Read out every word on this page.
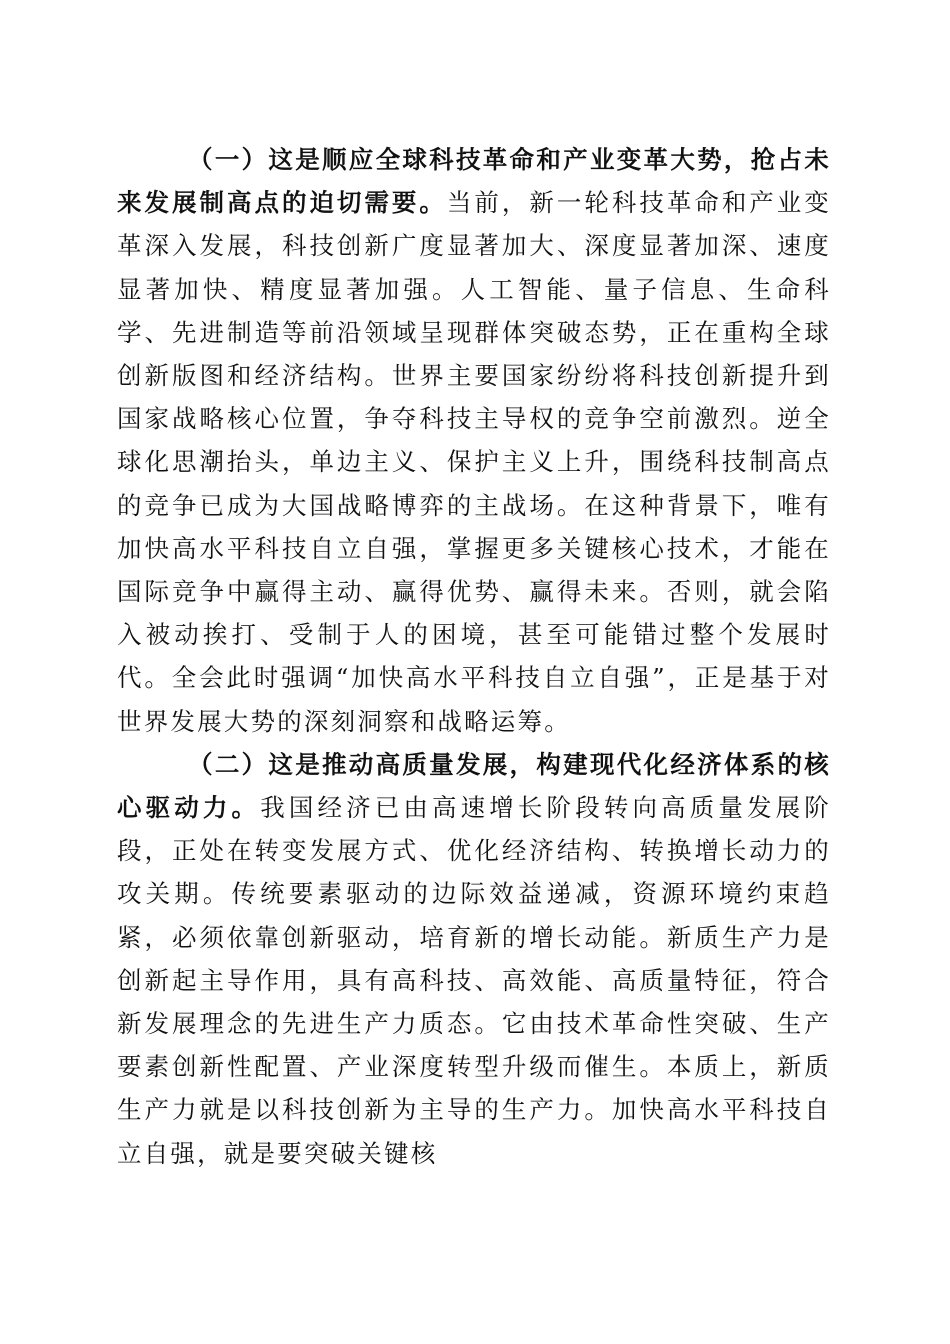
（一）这是顺应全球科技革命和产业变革大势，抢占未来发展制高点的迫切需要。当前，新一轮科技革命和产业变革深入发展，科技创新广度显著加大、深度显著加深、速度显著加快、精度显著加强。人工智能、量子信息、生命科学、先进制造等前沿领域呈现群体突破态势，正在重构全球创新版图和经济结构。世界主要国家纷纷将科技创新提升到国家战略核心位置，争夺科技主导权的竞争空前激烈。逆全球化思潮抬头，单边主义、保护主义上升，围绕科技制高点的竞争已成为大国战略博弈的主战场。在这种背景下，唯有加快高水平科技自立自强，掌握更多关键核心技术，才能在国际竞争中赢得主动、赢得优势、赢得未来。否则，就会陷入被动挨打、受制于人的困境，甚至可能错过整个发展时代。全会此时强调“加快高水平科技自立自强”，正是基于对世界发展大势的深刻洞察和战略运筹。

（二）这是推动高质量发展，构建现代化经济体系的核心驱动力。我国经济已由高速增长阶段转向高质量发展阶段，正处在转变发展方式、优化经济结构、转换增长动力的攻关期。传统要素驱动的边际效益递减，资源环境约束趋紧，必须依靠创新驱动，培育新的增长动能。新质生产力是创新起主导作用，具有高科技、高效能、高质量特征，符合新发展理念的先进生产力质态。它由技术革命性突破、生产要素创新性配置、产业深度转型升级而催生。本质上，新质生产力就是以科技创新为主导的生产力。加快高水平科技自立自强，就是要突破关键核
